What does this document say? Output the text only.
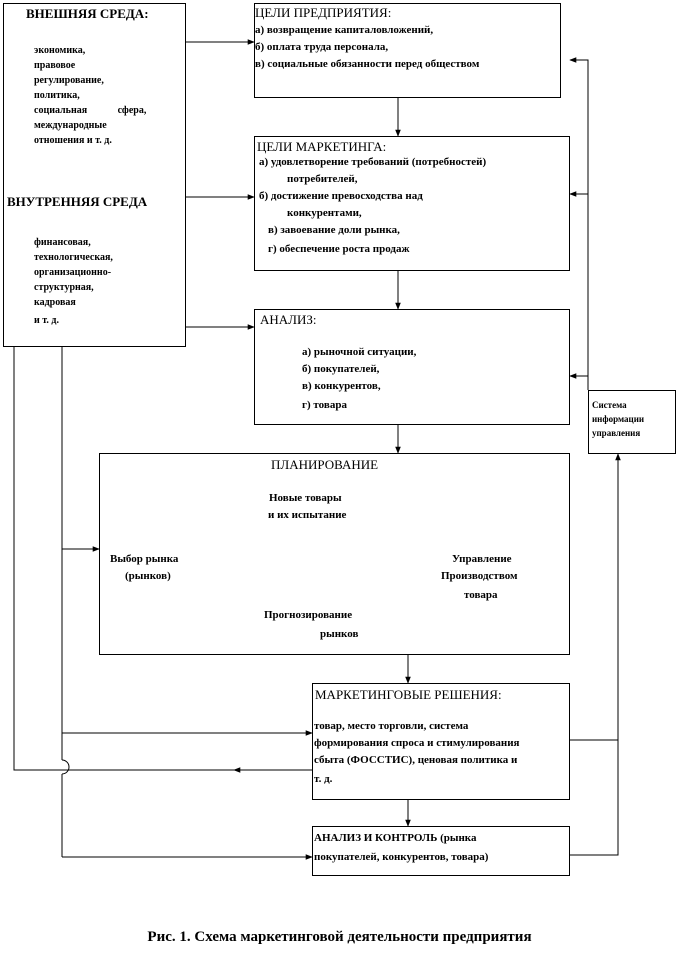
ВНЕШНЯЯ СРЕДА:
экономика,
правовое
регулирование,
политика,
социальная сфера,
международные
отношения и т. д.
ВНУТРЕННЯЯ СРЕДА
финансовая,
технологическая,
организационно-
структурная,
кадровая
и т. д.
ЦЕЛИ ПРЕДПРИЯТИЯ:
а) возвращение капиталовложений,
б) оплата труда персонала,
в) социальные обязанности перед обществом
ЦЕЛИ МАРКЕТИНГА:
а) удовлетворение требований (потребностей)
потребителей,
б) достижение превосходства над
конкурентами,
в) завоевание доли рынка,
г) обеспечение роста продаж
АНАЛИЗ:
а) рыночной ситуации,
б) покупателей,
в) конкурентов,
г) товара	Система
информации
управления
ПЛАНИРОВАНИЕ
Новые товары
и их испытание
Выбор рынка
(рынков)
Управление
Производством
товара
Прогнозирование
рынков
МАРКЕТИНГОВЫЕ РЕШЕНИЯ:
товар, место торговли, система
формирования спроса и стимулирования
сбыта (ФОССТИС), ценовая политика и
т. д.
АНАЛИЗ И КОНТРОЛЬ (рынка
покупателей, конкурентов, товара)
Рис. 1. Схема маркетинговой деятельности предприятия
